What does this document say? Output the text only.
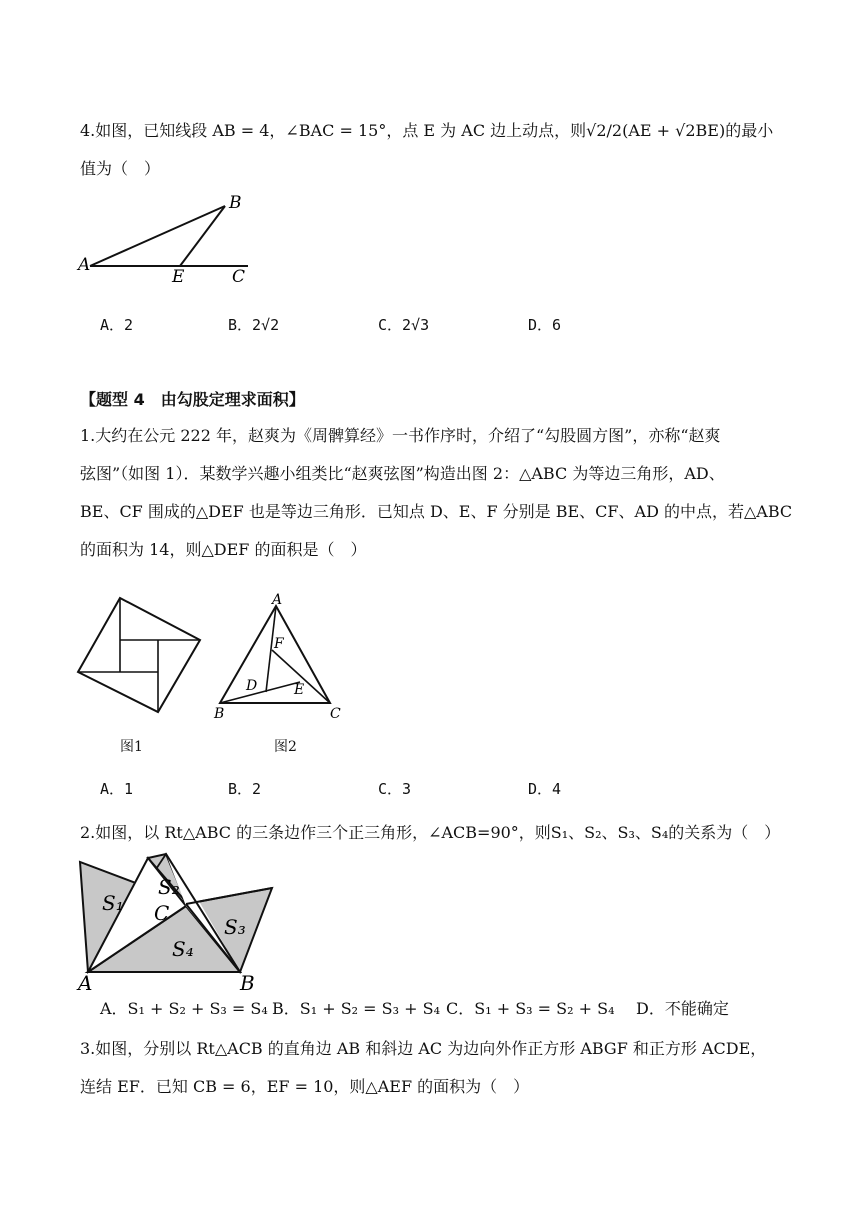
4.如图，已知线段 AB = 4，∠BAC = 15°，点 E 为 AC 边上动点，则√2/2(AE + √2BE)的最小
值为（　）
A
B
E	C
A．2	B．2√2	C．2√3	D．6
【题型 4　由勾股定理求面积】
1.大约在公元 222 年，赵爽为《周髀算经》一书作序时，介绍了“勾股圆方图”，亦称“赵爽
弦图”（如图 1）．某数学兴趣小组类比“赵爽弦图”构造出图 2：△ABC 为等边三角形，AD、
BE、CF 围成的△DEF 也是等边三角形．已知点 D、E、F 分别是 BE、CF、AD 的中点，若△ABC
的面积为 14，则△DEF 的面积是（　）
图1
A
B	C
D	E
F
图2
A．1	B．2	C．3	D．4
2.如图，以 Rt△ABC 的三条边作三个正三角形，∠ACB=90°，则S₁、S₂、S₃、S₄的关系为（　）
S₁
S₂
S₃
S₄
C
A	B
A．S₁ + S₂ + S₃ = S₄ B．S₁ + S₂ = S₃ + S₄ C．S₁ + S₃ = S₂ + S₄ D．不能确定
3.如图，分别以 Rt△ACB 的直角边 AB 和斜边 AC 为边向外作正方形 ABGF 和正方形 ACDE，
连结 EF．已知 CB = 6，EF = 10，则△AEF 的面积为（　）
